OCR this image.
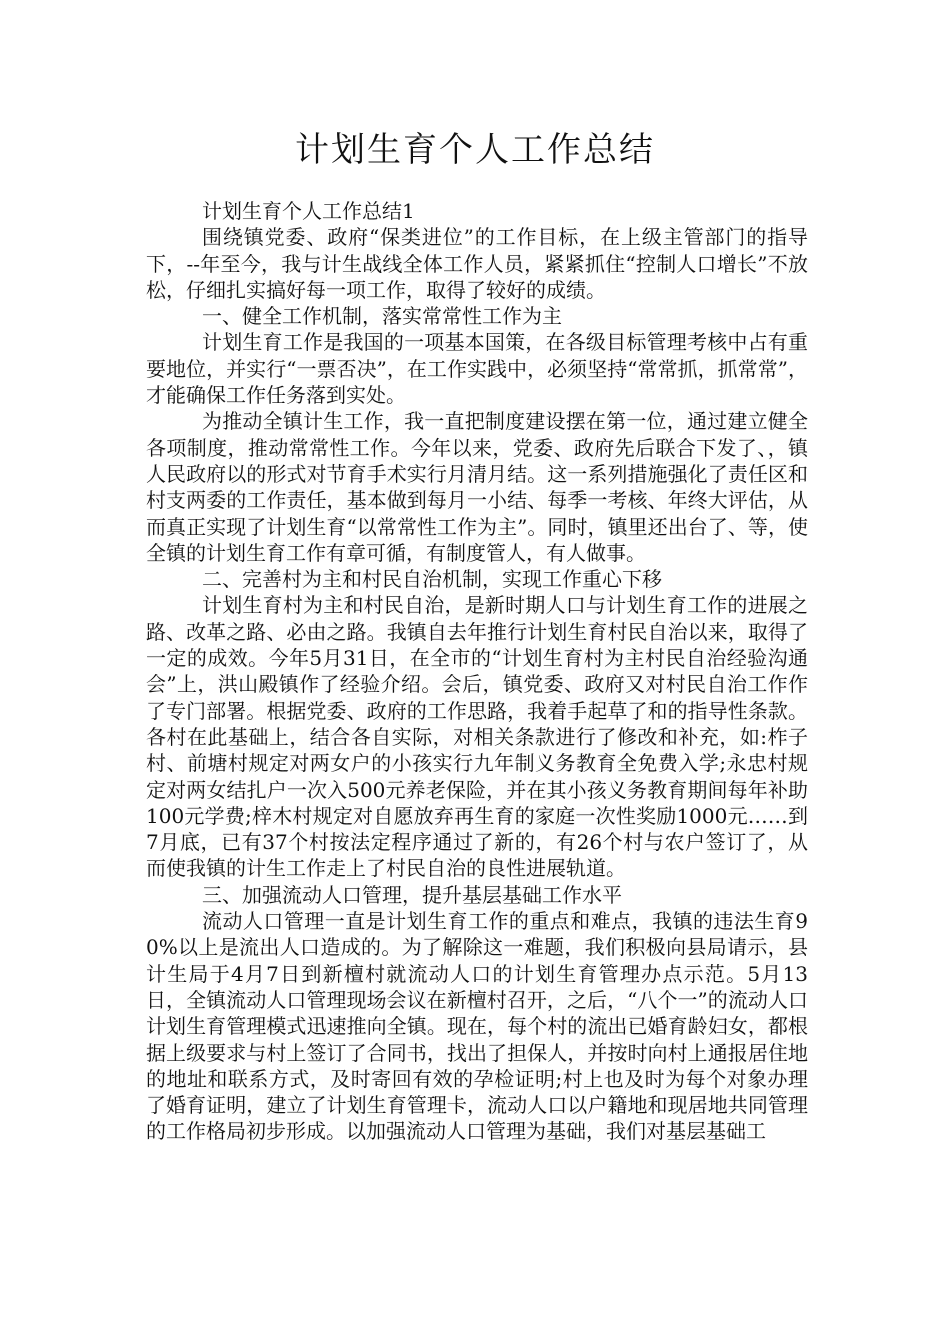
计划生育个人工作总结

计划生育个人工作总结1

围绕镇党委、政府“保类进位”的工作目标，在上级主管部门的指导下，--年至今，我与计生战线全体工作人员，紧紧抓住“控制人口增长”不放松，仔细扎实搞好每一项工作，取得了较好的成绩。

一、健全工作机制，落实常常性工作为主

计划生育工作是我国的一项基本国策，在各级目标管理考核中占有重要地位，并实行“一票否决”，在工作实践中，必须坚持“常常抓，抓常常”，才能确保工作任务落到实处。

为推动全镇计生工作，我一直把制度建设摆在第一位，通过建立健全各项制度，推动常常性工作。今年以来，党委、政府先后联合下发了、，镇人民政府以的形式对节育手术实行月清月结。这一系列措施强化了责任区和村支两委的工作责任，基本做到每月一小结、每季一考核、年终大评估，从而真正实现了计划生育“以常常性工作为主”。同时，镇里还出台了、等，使全镇的计划生育工作有章可循，有制度管人，有人做事。

二、完善村为主和村民自治机制，实现工作重心下移

计划生育村为主和村民自治，是新时期人口与计划生育工作的进展之路、改革之路、必由之路。我镇自去年推行计划生育村民自治以来，取得了一定的成效。今年5月31日，在全市的“计划生育村为主村民自治经验沟通会”上，洪山殿镇作了经验介绍。会后，镇党委、政府又对村民自治工作作了专门部署。根据党委、政府的工作思路，我着手起草了和的指导性条款。各村在此基础上，结合各自实际，对相关条款进行了修改和补充，如:柞子村、前塘村规定对两女户的小孩实行九年制义务教育全免费入学;永忠村规定对两女结扎户一次入500元养老保险，并在其小孩义务教育期间每年补助100元学费;梓木村规定对自愿放弃再生育的家庭一次性奖励1000元……到7月底，已有37个村按法定程序通过了新的，有26个村与农户签订了，从而使我镇的计生工作走上了村民自治的良性进展轨道。

三、加强流动人口管理，提升基层基础工作水平

流动人口管理一直是计划生育工作的重点和难点，我镇的违法生育90%以上是流出人口造成的。为了解除这一难题，我们积极向县局请示，县计生局于4月7日到新檀村就流动人口的计划生育管理办点示范。5月13日，全镇流动人口管理现场会议在新檀村召开，之后，“八个一”的流动人口计划生育管理模式迅速推向全镇。现在，每个村的流出已婚育龄妇女，都根据上级要求与村上签订了合同书，找出了担保人，并按时向村上通报居住地的地址和联系方式，及时寄回有效的孕检证明;村上也及时为每个对象办理了婚育证明，建立了计划生育管理卡，流动人口以户籍地和现居地共同管理的工作格局初步形成。以加强流动人口管理为基础，我们对基层基础工
